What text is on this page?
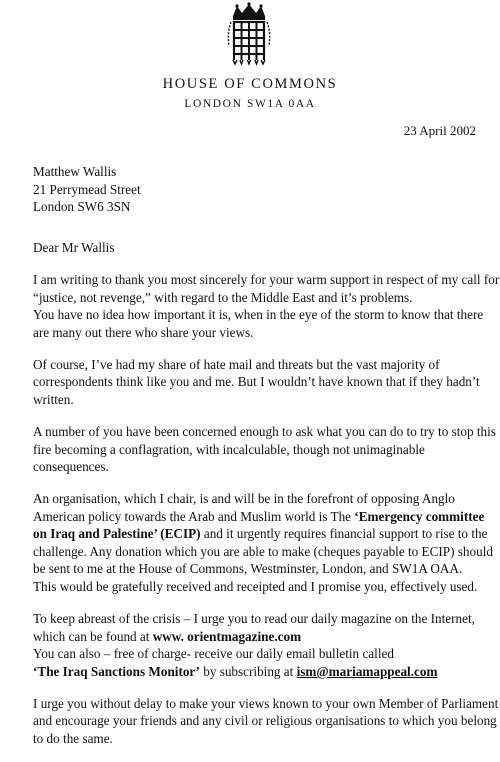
HOUSE OF COMMONS
LONDON SW1A 0AA
23 April 2002
Matthew Wallis
21 Perrymead Street
London SW6 3SN

Dear Mr Wallis

I am writing to thank you most sincerely for your warm support in respect of my call for
“justice, not revenge,” with regard to the Middle East and it’s problems.
You have no idea how important it is, when in the eye of the storm to know that there
are many out there who share your views.

Of course, I’ve had my share of hate mail and threats but the vast majority of
correspondents think like you and me. But I wouldn’t have known that if they hadn’t
written.

A number of you have been concerned enough to ask what you can do to try to stop this
fire becoming a conflagration, with incalculable, though not unimaginable
consequences.

An organisation, which I chair, is and will be in the forefront of opposing Anglo
American policy towards the Arab and Muslim world is The ‘Emergency committee
on Iraq and Palestine’ (ECIP) and it urgently requires financial support to rise to the
challenge. Any donation which you are able to make (cheques payable to ECIP) should
be sent to me at the House of Commons, Westminster, London, and SW1A OAA.
This would be gratefully received and receipted and I promise you, effectively used.

To keep abreast of the crisis – I urge you to read our daily magazine on the Internet,
which can be found at www. orientmagazine.com
You can also – free of charge- receive our daily email bulletin called
‘The Iraq Sanctions Monitor’ by subscribing at ism@mariamappeal.com

I urge you without delay to make your views known to your own Member of Parliament
and encourage your friends and any civil or religious organisations to which you belong
to do the same.
